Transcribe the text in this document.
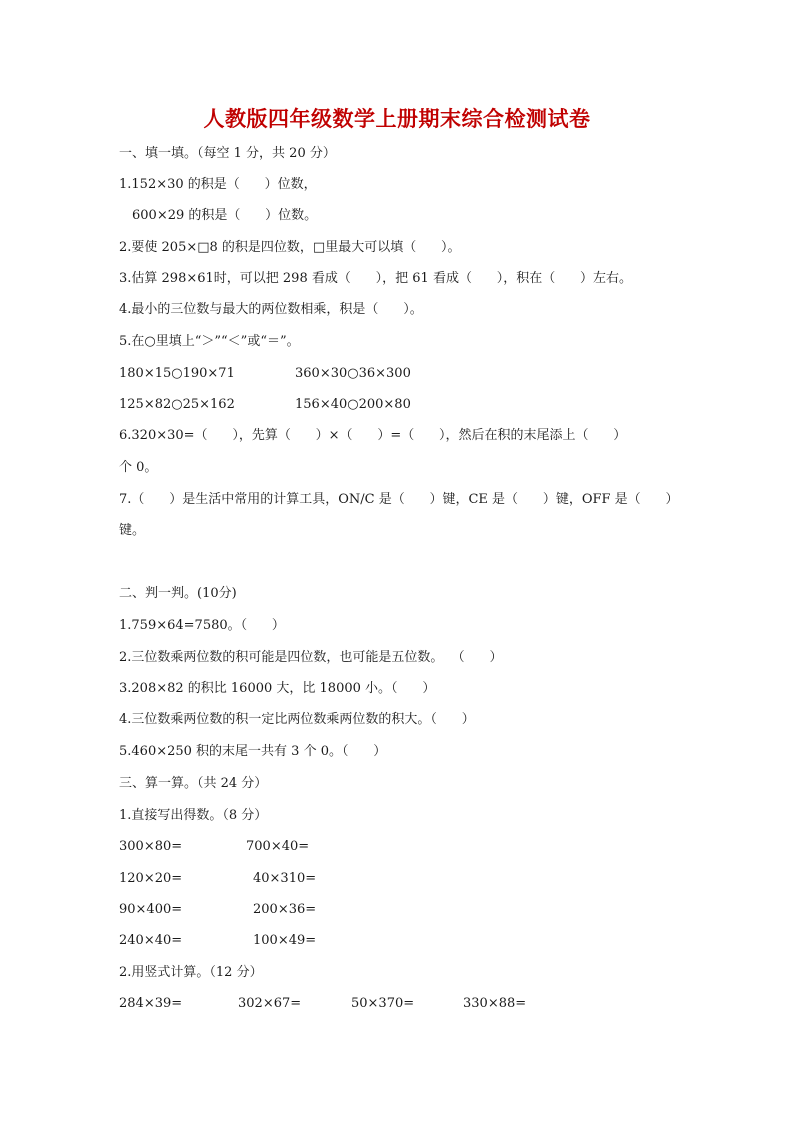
人教版四年级数学上册期末综合检测试卷
一、填一填。（每空 1 分，共 20 分）
1.152×30 的积是（      ）位数，
600×29 的积是（      ）位数。
2.要使 205×□8 的积是四位数，□里最大可以填（      ）。
3.估算 298×61时，可以把 298 看成（      ），把 61 看成（      ），积在（      ）左右。
4.最小的三位数与最大的两位数相乘，积是（      ）。
5.在○里填上“＞”“＜”或“＝”。
180×15○190×71	360×30○36×300
125×82○25×162	156×40○200×80
6.320×30=（      ），先算（      ）×（      ）=（      ），然后在积的末尾添上（      ）
个 0。
7.（      ）是生活中常用的计算工具，ON/C 是（      ）键，CE 是（      ）键，OFF 是（      ）
键。
二、判一判。(10分)
1.759×64=7580。（      ）
2.三位数乘两位数的积可能是四位数，也可能是五位数。  （      ）
3.208×82 的积比 16000 大，比 18000 小。（      ）
4.三位数乘两位数的积一定比两位数乘两位数的积大。（      ）
5.460×250 积的末尾一共有 3 个 0。（      ）
三、算一算。（共 24 分）
1.直接写出得数。（8 分）
300×80=	700×40=
120×20=	40×310=
90×400=	200×36=
240×40=	100×49=
2.用竖式计算。（12 分）
284×39=	302×67=	50×370=	330×88=
